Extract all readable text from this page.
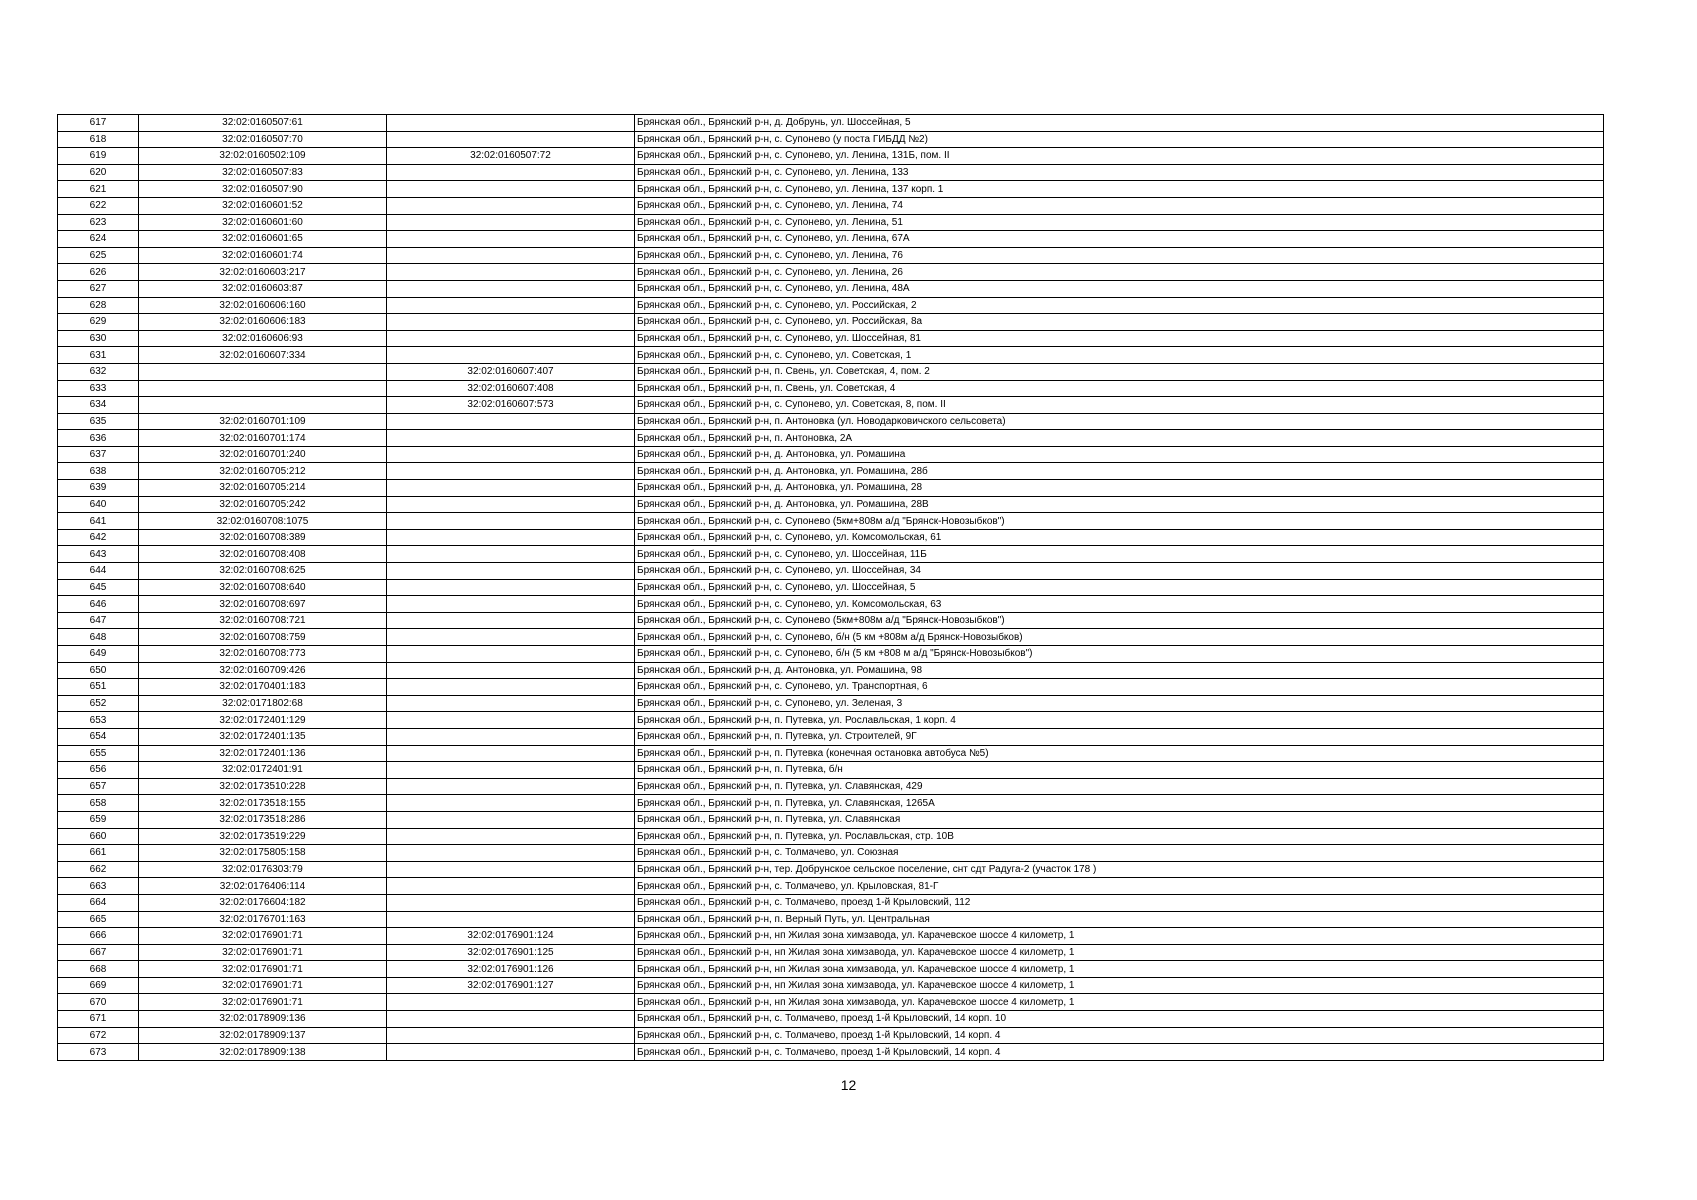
617	32:02:0160507:61		Брянская обл., Брянский р-н, д. Добрунь, ул. Шоссейная, 5
618	32:02:0160507:70		Брянская обл., Брянский р-н, с. Супонево (у поста ГИБДД №2)
619	32:02:0160502:109	32:02:0160507:72	Брянская обл., Брянский р-н, с. Супонево, ул. Ленина, 131Б, пом. II
620	32:02:0160507:83		Брянская обл., Брянский р-н, с. Супонево, ул. Ленина, 133
621	32:02:0160507:90		Брянская обл., Брянский р-н, с. Супонево, ул. Ленина, 137 корп. 1
622	32:02:0160601:52		Брянская обл., Брянский р-н, с. Супонево, ул. Ленина, 74
623	32:02:0160601:60		Брянская обл., Брянский р-н, с. Супонево, ул. Ленина, 51
624	32:02:0160601:65		Брянская обл., Брянский р-н, с. Супонево, ул. Ленина, 67А
625	32:02:0160601:74		Брянская обл., Брянский р-н, с. Супонево, ул. Ленина, 76
626	32:02:0160603:217		Брянская обл., Брянский р-н, с. Супонево, ул. Ленина, 26
627	32:02:0160603:87		Брянская обл., Брянский р-н, с. Супонево, ул. Ленина, 48А
628	32:02:0160606:160		Брянская обл., Брянский р-н, с. Супонево, ул. Российская, 2
629	32:02:0160606:183		Брянская обл., Брянский р-н, с. Супонево, ул. Российская, 8а
630	32:02:0160606:93		Брянская обл., Брянский р-н, с. Супонево, ул. Шоссейная, 81
631	32:02:0160607:334		Брянская обл., Брянский р-н, с. Супонево, ул. Советская, 1
632		32:02:0160607:407	Брянская обл., Брянский р-н, п. Свень, ул. Советская, 4, пом. 2
633		32:02:0160607:408	Брянская обл., Брянский р-н, п. Свень, ул. Советская, 4
634		32:02:0160607:573	Брянская обл., Брянский р-н, с. Супонево, ул. Советская, 8, пом. II
635	32:02:0160701:109		Брянская обл., Брянский р-н, п. Антоновка (ул. Новодарковичского сельсовета)
636	32:02:0160701:174		Брянская обл., Брянский р-н, п. Антоновка, 2А
637	32:02:0160701:240		Брянская обл., Брянский р-н, д. Антоновка, ул. Ромашина
638	32:02:0160705:212		Брянская обл., Брянский р-н, д. Антоновка, ул. Ромашина, 28б
639	32:02:0160705:214		Брянская обл., Брянский р-н, д. Антоновка, ул. Ромашина, 28
640	32:02:0160705:242		Брянская обл., Брянский р-н, д. Антоновка, ул. Ромашина, 28В
641	32:02:0160708:1075		Брянская обл., Брянский р-н, с. Супонево (5км+808м а/д "Брянск-Новозыбков")
642	32:02:0160708:389		Брянская обл., Брянский р-н, с. Супонево, ул. Комсомольская, 61
643	32:02:0160708:408		Брянская обл., Брянский р-н, с. Супонево, ул. Шоссейная, 11Б
644	32:02:0160708:625		Брянская обл., Брянский р-н, с. Супонево, ул. Шоссейная, 34
645	32:02:0160708:640		Брянская обл., Брянский р-н, с. Супонево, ул. Шоссейная, 5
646	32:02:0160708:697		Брянская обл., Брянский р-н, с. Супонево, ул. Комсомольская, 63
647	32:02:0160708:721		Брянская обл., Брянский р-н, с. Супонево (5км+808м а/д "Брянск-Новозыбков")
648	32:02:0160708:759		Брянская обл., Брянский р-н, с. Супонево, б/н (5 км +808м а/д Брянск-Новозыбков)
649	32:02:0160708:773		Брянская обл., Брянский р-н, с. Супонево, б/н (5 км +808 м а/д "Брянск-Новозыбков")
650	32:02:0160709:426		Брянская обл., Брянский р-н, д. Антоновка, ул. Ромашина, 98
651	32:02:0170401:183		Брянская обл., Брянский р-н, с. Супонево, ул. Транспортная, 6
652	32:02:0171802:68		Брянская обл., Брянский р-н, с. Супонево, ул. Зеленая, 3
653	32:02:0172401:129		Брянская обл., Брянский р-н, п. Путевка, ул. Рославльская, 1 корп. 4
654	32:02:0172401:135		Брянская обл., Брянский р-н, п. Путевка, ул. Строителей, 9Г
655	32:02:0172401:136		Брянская обл., Брянский р-н, п. Путевка (конечная остановка автобуса №5)
656	32:02:0172401:91		Брянская обл., Брянский р-н, п. Путевка, б/н
657	32:02:0173510:228		Брянская обл., Брянский р-н, п. Путевка, ул. Славянская, 429
658	32:02:0173518:155		Брянская обл., Брянский р-н, п. Путевка, ул. Славянская, 1265А
659	32:02:0173518:286		Брянская обл., Брянский р-н, п. Путевка, ул. Славянская
660	32:02:0173519:229		Брянская обл., Брянский р-н, п. Путевка, ул. Рославльская, стр. 10В
661	32:02:0175805:158		Брянская обл., Брянский р-н, с. Толмачево, ул. Союзная
662	32:02:0176303:79		Брянская обл., Брянский р-н, тер. Добрунское сельское поселение, снт сдт Радуга-2 (участок 178 )
663	32:02:0176406:114		Брянская обл., Брянский р-н, с. Толмачево, ул. Крыловская, 81-Г
664	32:02:0176604:182		Брянская обл., Брянский р-н, с. Толмачево, проезд 1-й Крыловский, 112
665	32:02:0176701:163		Брянская обл., Брянский р-н, п. Верный Путь, ул. Центральная
666	32:02:0176901:71	32:02:0176901:124	Брянская обл., Брянский р-н, нп Жилая зона химзавода, ул. Карачевское шоссе 4 километр, 1
667	32:02:0176901:71	32:02:0176901:125	Брянская обл., Брянский р-н, нп Жилая зона химзавода, ул. Карачевское шоссе 4 километр, 1
668	32:02:0176901:71	32:02:0176901:126	Брянская обл., Брянский р-н, нп Жилая зона химзавода, ул. Карачевское шоссе 4 километр, 1
669	32:02:0176901:71	32:02:0176901:127	Брянская обл., Брянский р-н, нп Жилая зона химзавода, ул. Карачевское шоссе 4 километр, 1
670	32:02:0176901:71		Брянская обл., Брянский р-н, нп Жилая зона химзавода, ул. Карачевское шоссе 4 километр, 1
671	32:02:0178909:136		Брянская обл., Брянский р-н, с. Толмачево, проезд 1-й Крыловский, 14 корп. 10
672	32:02:0178909:137		Брянская обл., Брянский р-н, с. Толмачево, проезд 1-й Крыловский, 14 корп. 4
673	32:02:0178909:138		Брянская обл., Брянский р-н, с. Толмачево, проезд 1-й Крыловский, 14 корп. 4
12
